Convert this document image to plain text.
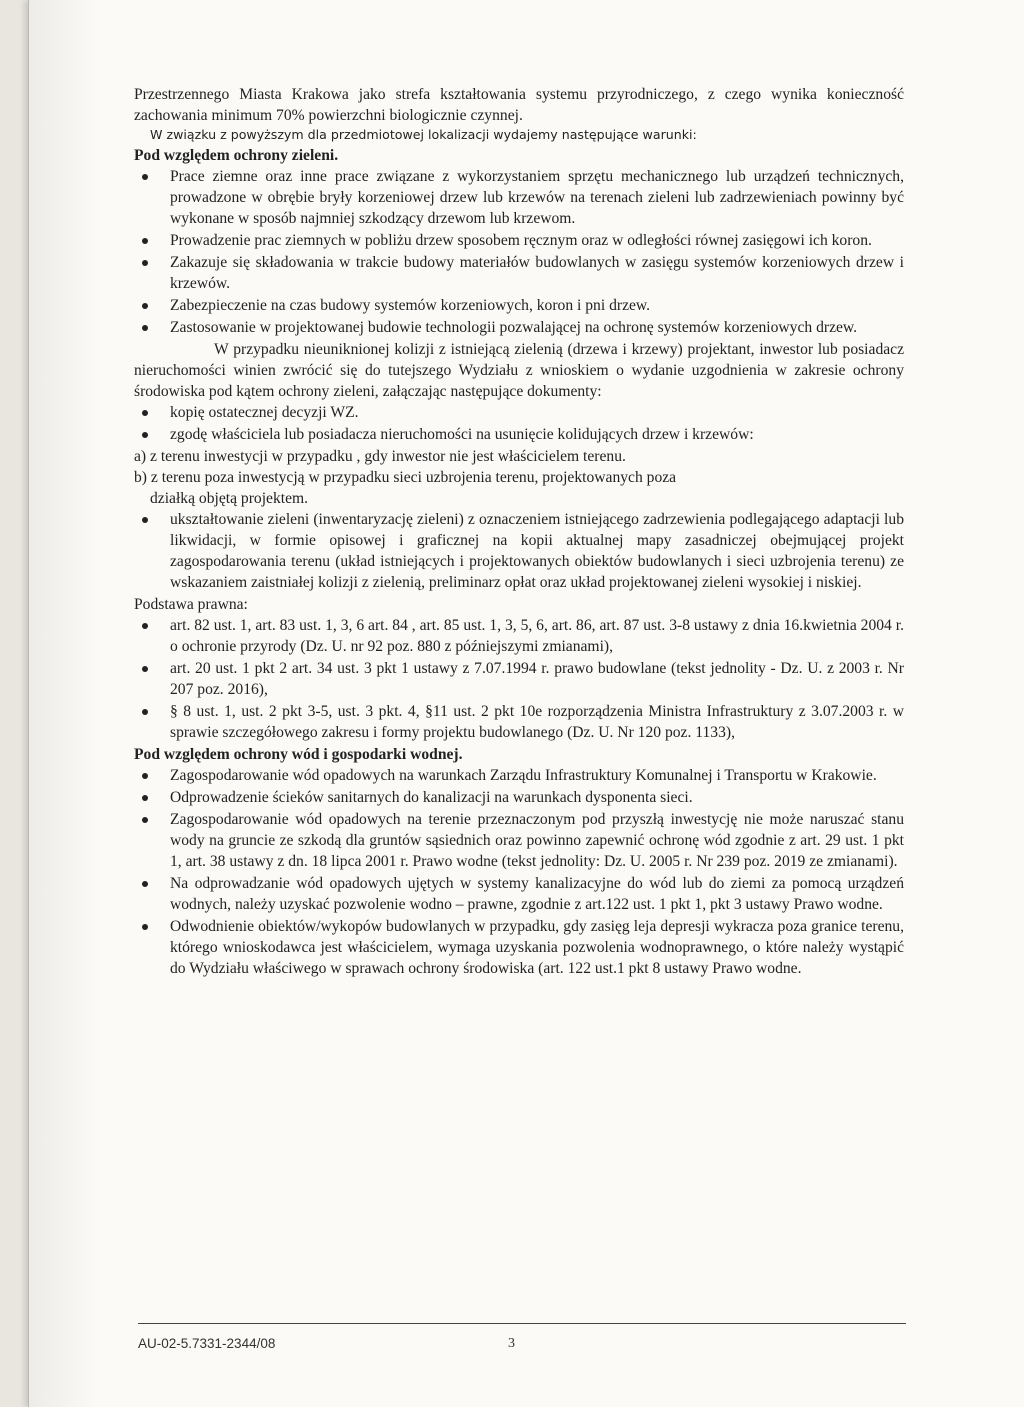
Przestrzennego Miasta Krakowa jako strefa kształtowania systemu przyrodniczego, z czego wynika konieczność zachowania minimum 70% powierzchni biologicznie czynnej.

W związku z powyższym dla przedmiotowej lokalizacji wydajemy następujące warunki:

Pod względem ochrony zieleni.

Prace ziemne oraz inne prace związane z wykorzystaniem sprzętu mechanicznego lub urządzeń technicznych, prowadzone w obrębie bryły korzeniowej drzew lub krzewów na terenach zieleni lub zadrzewieniach powinny być wykonane w sposób najmniej szkodzący drzewom lub krzewom.
Prowadzenie prac ziemnych w pobliżu drzew sposobem ręcznym oraz w odległości równej zasięgowi ich koron.
Zakazuje się składowania w trakcie budowy materiałów budowlanych w zasięgu systemów korzeniowych drzew i krzewów.
Zabezpieczenie na czas budowy systemów korzeniowych, koron i pni drzew.
Zastosowanie w projektowanej budowie technologii pozwalającej na ochronę systemów korzeniowych drzew.

W przypadku nieuniknionej kolizji z istniejącą zielenią (drzewa i krzewy) projektant, inwestor lub posiadacz nieruchomości winien zwrócić się do tutejszego Wydziału z wnioskiem o wydanie uzgodnienia w zakresie ochrony środowiska pod kątem ochrony zieleni, załączając następujące dokumenty:

kopię ostatecznej decyzji WZ.
zgodę właściciela lub posiadacza nieruchomości na usunięcie kolidujących drzew i krzewów:
a) z terenu inwestycji w przypadku , gdy inwestor nie jest właścicielem terenu.
b) z terenu poza inwestycją w przypadku sieci uzbrojenia terenu, projektowanych poza
działką objętą projektem.
ukształtowanie zieleni (inwentaryzację zieleni) z oznaczeniem istniejącego zadrzewienia podlegającego adaptacji lub likwidacji, w formie opisowej i graficznej na kopii aktualnej mapy zasadniczej obejmującej projekt zagospodarowania terenu (układ istniejących i projektowanych obiektów budowlanych i sieci uzbrojenia terenu) ze wskazaniem zaistniałej kolizji z zielenią, preliminarz opłat oraz układ projektowanej zieleni wysokiej i niskiej.

Podstawa prawna:

art. 82 ust. 1, art. 83 ust. 1, 3, 6 art. 84 , art. 85 ust. 1, 3, 5, 6, art. 86, art. 87 ust. 3-8 ustawy z dnia 16.kwietnia 2004 r. o ochronie przyrody (Dz. U. nr 92 poz. 880 z późniejszymi zmianami),
art. 20 ust. 1 pkt 2 art. 34 ust. 3 pkt 1 ustawy z 7.07.1994 r. prawo budowlane (tekst jednolity - Dz. U. z 2003 r. Nr 207 poz. 2016),
§ 8 ust. 1, ust. 2 pkt 3-5, ust. 3 pkt. 4, §11 ust. 2 pkt 10e rozporządzenia Ministra Infrastruktury z 3.07.2003 r. w sprawie szczegółowego zakresu i formy projektu budowlanego (Dz. U. Nr 120 poz. 1133),

Pod względem ochrony wód i gospodarki wodnej.

Zagospodarowanie wód opadowych na warunkach Zarządu Infrastruktury Komunalnej i Transportu w Krakowie.
Odprowadzenie ścieków sanitarnych do kanalizacji na warunkach dysponenta sieci.
Zagospodarowanie wód opadowych na terenie przeznaczonym pod przyszłą inwestycję nie może naruszać stanu wody na gruncie ze szkodą dla gruntów sąsiednich oraz powinno zapewnić ochronę wód zgodnie z art. 29 ust. 1 pkt 1, art. 38 ustawy z dn. 18 lipca 2001 r. Prawo wodne (tekst jednolity: Dz. U. 2005 r. Nr 239 poz. 2019 ze zmianami).
Na odprowadzanie wód opadowych ujętych w systemy kanalizacyjne do wód lub do ziemi za pomocą urządzeń wodnych, należy uzyskać pozwolenie wodno – prawne, zgodnie z art.122 ust. 1 pkt 1, pkt 3 ustawy Prawo wodne.
Odwodnienie obiektów/wykopów budowlanych w przypadku, gdy zasięg leja depresji wykracza poza granice terenu, którego wnioskodawca jest właścicielem, wymaga uzyskania pozwolenia wodnoprawnego, o które należy wystąpić do Wydziału właściwego w sprawach ochrony środowiska (art. 122 ust.1 pkt 8 ustawy Prawo wodne.
AU-02-5.7331-2344/08	3
